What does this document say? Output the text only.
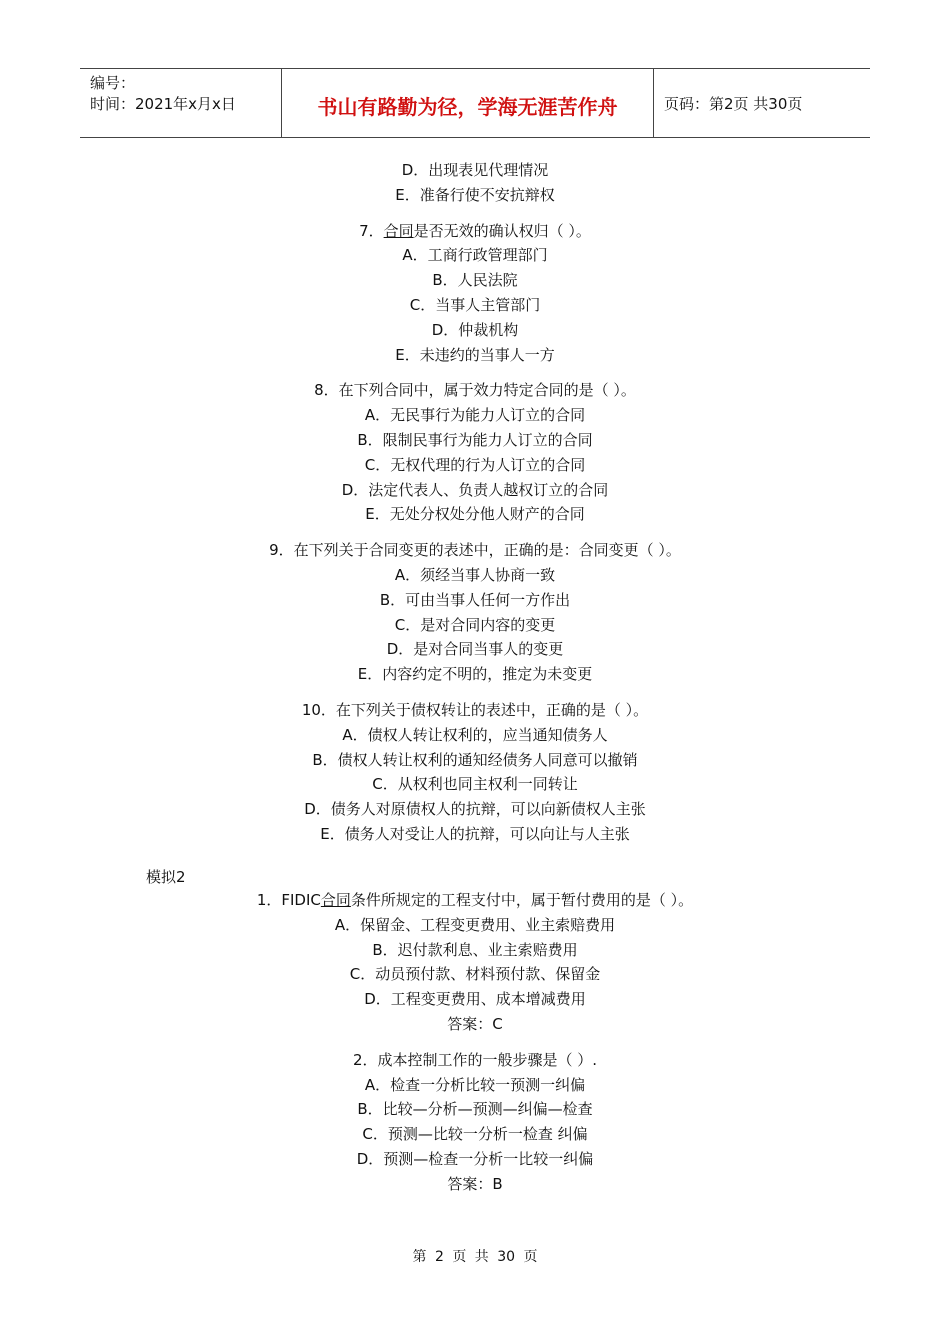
编号：
时间：2021年x月x日	书山有路勤为径，学海无涯苦作舟	页码：第2页 共30页
D．出现表见代理情况
E．准备行使不安抗辩权
7．合同是否无效的确认权归（ ）。
A．工商行政管理部门
B．人民法院
C．当事人主管部门
D．仲裁机构
E．未违约的当事人一方
8．在下列合同中，属于效力特定合同的是（ ）。
A．无民事行为能力人订立的合同
B．限制民事行为能力人订立的合同
C．无权代理的行为人订立的合同
D．法定代表人、负责人越权订立的合同
E．无处分权处分他人财产的合同
9．在下列关于合同变更的表述中，正确的是：合同变更（ ）。
A．须经当事人协商一致
B．可由当事人任何一方作出
C．是对合同内容的变更
D．是对合同当事人的变更
E．内容约定不明的，推定为未变更
10．在下列关于债权转让的表述中，正确的是（ ）。
A．债权人转让权利的，应当通知债务人
B．债权人转让权利的通知经债务人同意可以撤销
C．从权利也同主权利一同转让
D．债务人对原债权人的抗辩，可以向新债权人主张
E．债务人对受让人的抗辩，可以向让与人主张
模拟2
1．FIDIC合同条件所规定的工程支付中，属于暂付费用的是（ ）。
A．保留金、工程变更费用、业主索赔费用
B．迟付款利息、业主索赔费用
C．动员预付款、材料预付款、保留金
D．工程变更费用、成本增减费用
答案：C
2．成本控制工作的一般步骤是（ ）.
A．检查一分析比较一预测一纠偏
B．比较—分析—预测—纠偏—检查
C．预测—比较一分析一检查 纠偏
D．预测—检查一分析一比较一纠偏
答案：B
第 2 页 共 30 页
